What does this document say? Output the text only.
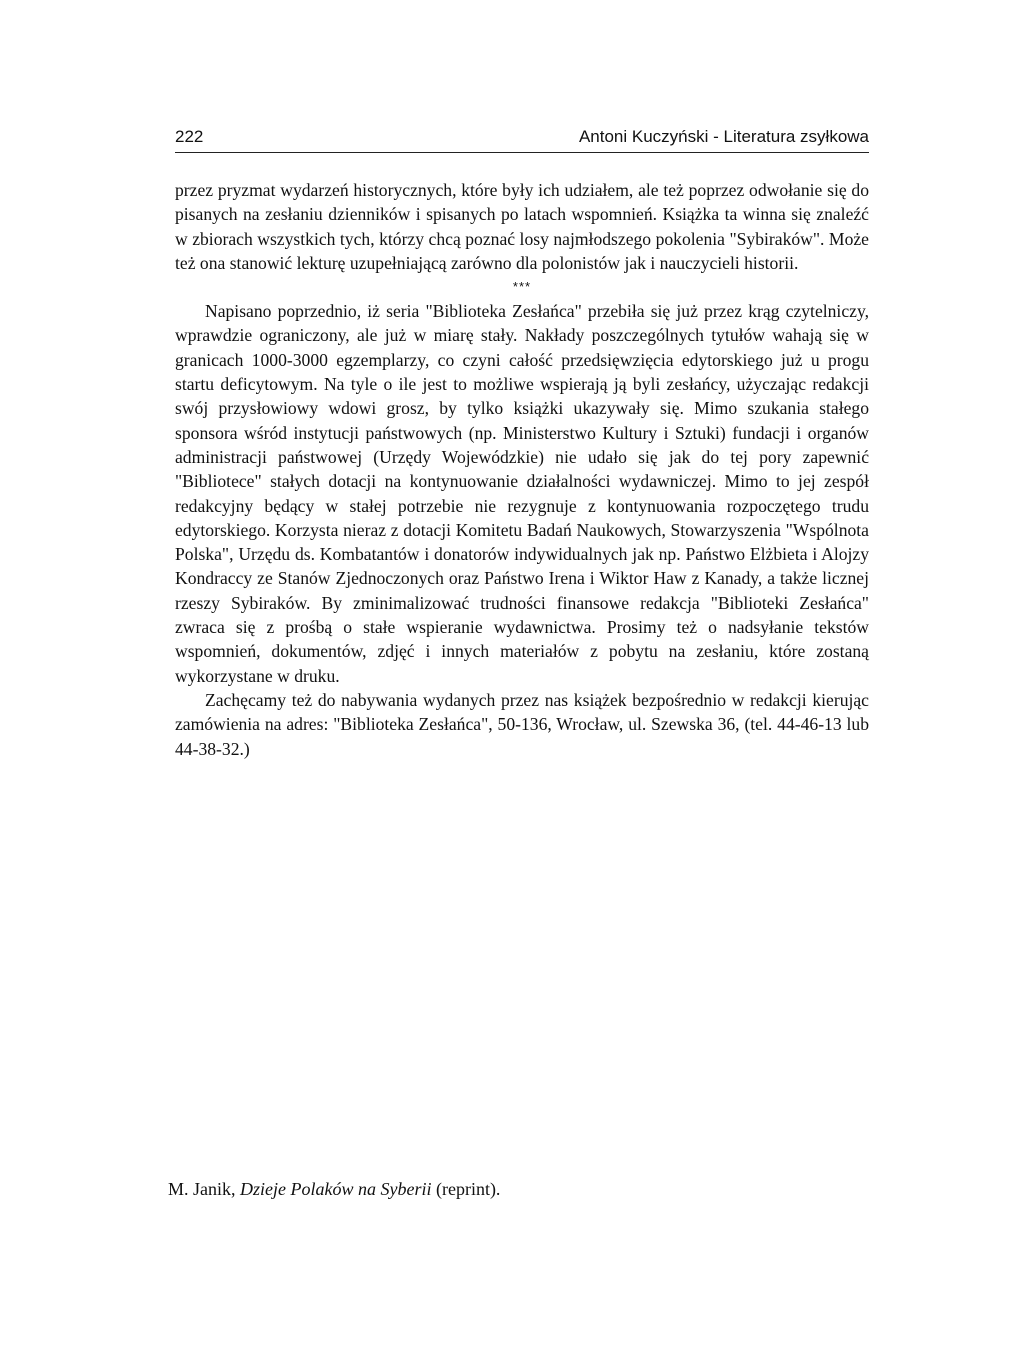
222	Antoni Kuczyński - Literatura zsyłkowa

przez pryzmat wydarzeń historycznych, które były ich udziałem, ale też poprzez odwołanie się do pisanych na zesłaniu dzienników i spisanych po latach wspomnień. Książka ta winna się znaleźć w zbiorach wszystkich tych, którzy chcą poznać losy najmłodszego pokolenia "Sybiraków". Może też ona stanowić lekturę uzupełniającą zarówno dla polonistów jak i nauczycieli historii.

***

Napisano poprzednio, iż seria "Biblioteka Zesłańca" przebiła się już przez krąg czytelniczy, wprawdzie ograniczony, ale już w miarę stały. Nakłady poszczególnych tytułów wahają się w granicach 1000-3000 egzemplarzy, co czyni całość przedsięwzięcia edytorskiego już u progu startu deficytowym. Na tyle o ile jest to możliwe wspierają ją byli zesłańcy, użyczając redakcji swój przysłowiowy wdowi grosz, by tylko książki ukazywały się. Mimo szukania stałego sponsora wśród instytucji państwowych (np. Ministerstwo Kultury i Sztuki) fundacji i organów administracji państwowej (Urzędy Wojewódzkie) nie udało się jak do tej pory zapewnić "Bibliotece" stałych dotacji na kontynuowanie działalności wydawniczej. Mimo to jej zespół redakcyjny będący w stałej potrzebie nie rezygnuje z kontynuowania rozpoczętego trudu edytorskiego. Korzysta nieraz z dotacji Komitetu Badań Naukowych, Stowarzyszenia "Wspólnota Polska", Urzędu ds. Kombatantów i donatorów indywidualnych jak np. Państwo Elżbieta i Alojzy Kondraccy ze Stanów Zjednoczonych oraz Państwo Irena i Wiktor Haw z Kanady, a także licznej rzeszy Sybiraków. By zminimalizować trudności finansowe redakcja "Biblioteki Zesłańca" zwraca się z prośbą o stałe wspieranie wydawnictwa. Prosimy też o nadsyłanie tekstów wspomnień, dokumentów, zdjęć i innych materiałów z pobytu na zesłaniu, które zostaną wykorzystane w druku.

Zachęcamy też do nabywania wydanych przez nas książek bezpośrednio w redakcji kierując zamówienia na adres: "Biblioteka Zesłańca", 50-136, Wrocław, ul. Szewska 36, (tel. 44-46-13 lub 44-38-32.)

M. Janik, Dzieje Polaków na Syberii (reprint).
